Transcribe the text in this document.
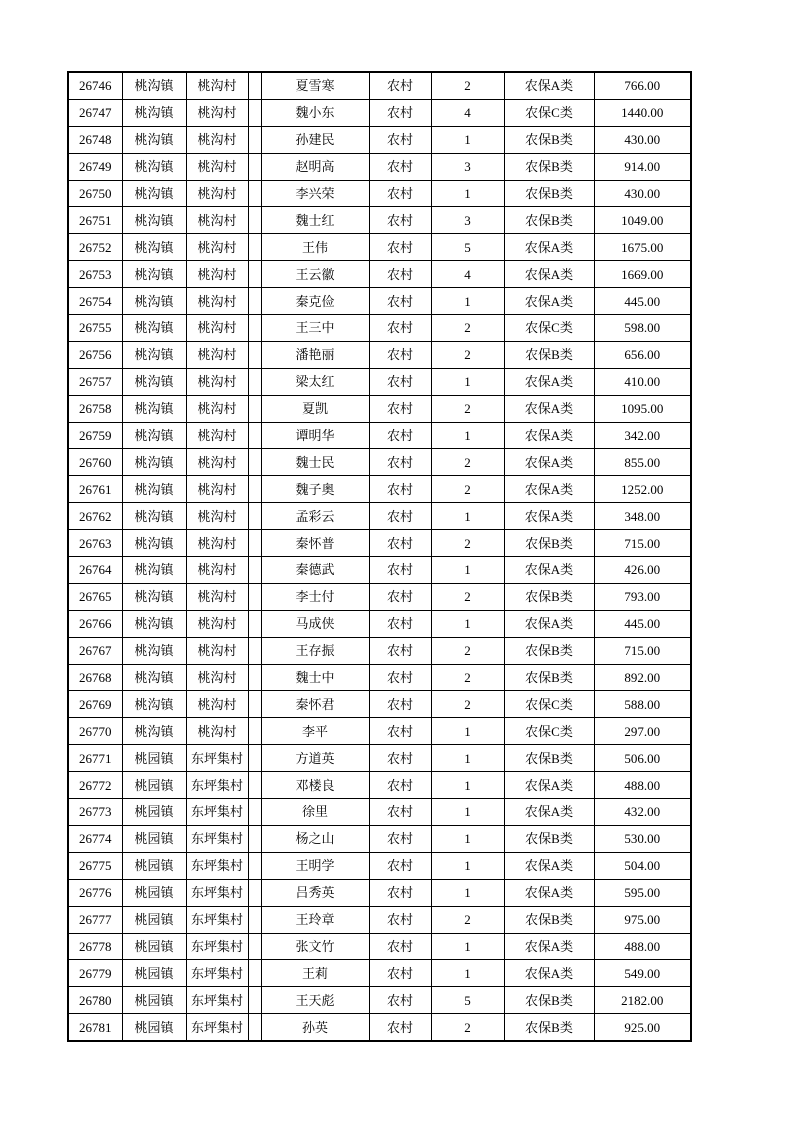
26746	桃沟镇	桃沟村		夏雪寒	农村	2	农保A类	766.00
26747	桃沟镇	桃沟村		魏小东	农村	4	农保C类	1440.00
26748	桃沟镇	桃沟村		孙建民	农村	1	农保B类	430.00
26749	桃沟镇	桃沟村		赵明高	农村	3	农保B类	914.00
26750	桃沟镇	桃沟村		李兴荣	农村	1	农保B类	430.00
26751	桃沟镇	桃沟村		魏士红	农村	3	农保B类	1049.00
26752	桃沟镇	桃沟村		王伟	农村	5	农保A类	1675.00
26753	桃沟镇	桃沟村		王云徽	农村	4	农保A类	1669.00
26754	桃沟镇	桃沟村		秦克俭	农村	1	农保A类	445.00
26755	桃沟镇	桃沟村		王三中	农村	2	农保C类	598.00
26756	桃沟镇	桃沟村		潘艳丽	农村	2	农保B类	656.00
26757	桃沟镇	桃沟村		梁太红	农村	1	农保A类	410.00
26758	桃沟镇	桃沟村		夏凯	农村	2	农保A类	1095.00
26759	桃沟镇	桃沟村		谭明华	农村	1	农保A类	342.00
26760	桃沟镇	桃沟村		魏士民	农村	2	农保A类	855.00
26761	桃沟镇	桃沟村		魏子奥	农村	2	农保A类	1252.00
26762	桃沟镇	桃沟村		孟彩云	农村	1	农保A类	348.00
26763	桃沟镇	桃沟村		秦怀普	农村	2	农保B类	715.00
26764	桃沟镇	桃沟村		秦德武	农村	1	农保A类	426.00
26765	桃沟镇	桃沟村		李士付	农村	2	农保B类	793.00
26766	桃沟镇	桃沟村		马成侠	农村	1	农保A类	445.00
26767	桃沟镇	桃沟村		王存振	农村	2	农保B类	715.00
26768	桃沟镇	桃沟村		魏士中	农村	2	农保B类	892.00
26769	桃沟镇	桃沟村		秦怀君	农村	2	农保C类	588.00
26770	桃沟镇	桃沟村		李平	农村	1	农保C类	297.00
26771	桃园镇	东坪集村		方道英	农村	1	农保B类	506.00
26772	桃园镇	东坪集村		邓楼良	农村	1	农保A类	488.00
26773	桃园镇	东坪集村		徐里	农村	1	农保A类	432.00
26774	桃园镇	东坪集村		杨之山	农村	1	农保B类	530.00
26775	桃园镇	东坪集村		王明学	农村	1	农保A类	504.00
26776	桃园镇	东坪集村		吕秀英	农村	1	农保A类	595.00
26777	桃园镇	东坪集村		王玲章	农村	2	农保B类	975.00
26778	桃园镇	东坪集村		张文竹	农村	1	农保A类	488.00
26779	桃园镇	东坪集村		王莉	农村	1	农保A类	549.00
26780	桃园镇	东坪集村		王天彪	农村	5	农保B类	2182.00
26781	桃园镇	东坪集村		孙英	农村	2	农保B类	925.00
